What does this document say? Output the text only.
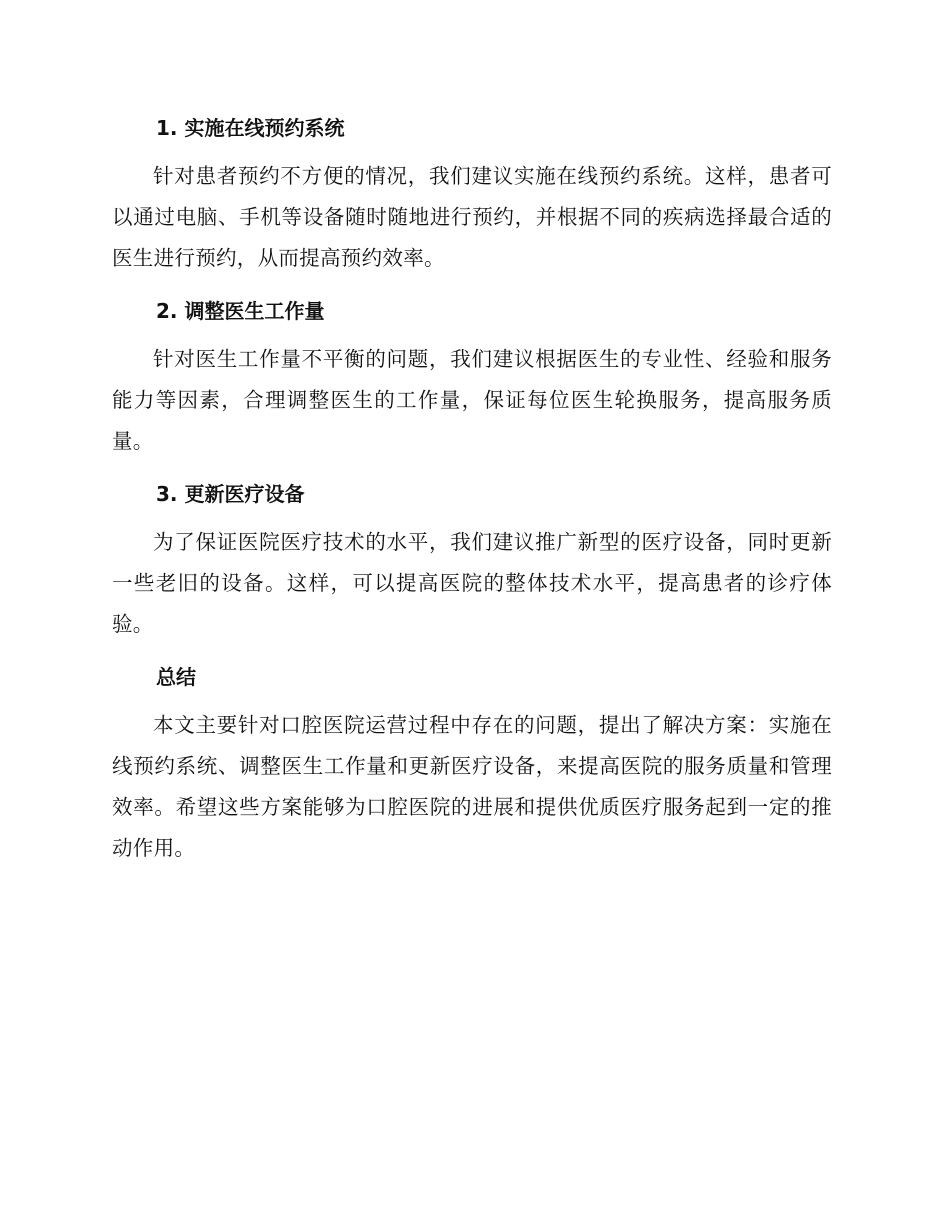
1. 实施在线预约系统

针对患者预约不方便的情况，我们建议实施在线预约系统。这样，患者可以通过电脑、手机等设备随时随地进行预约，并根据不同的疾病选择最合适的医生进行预约，从而提高预约效率。

2. 调整医生工作量

针对医生工作量不平衡的问题，我们建议根据医生的专业性、经验和服务能力等因素，合理调整医生的工作量，保证每位医生轮换服务，提高服务质量。

3. 更新医疗设备

为了保证医院医疗技术的水平，我们建议推广新型的医疗设备，同时更新一些老旧的设备。这样，可以提高医院的整体技术水平，提高患者的诊疗体验。

总结

本文主要针对口腔医院运营过程中存在的问题，提出了解决方案：实施在线预约系统、调整医生工作量和更新医疗设备，来提高医院的服务质量和管理效率。希望这些方案能够为口腔医院的进展和提供优质医疗服务起到一定的推动作用。
